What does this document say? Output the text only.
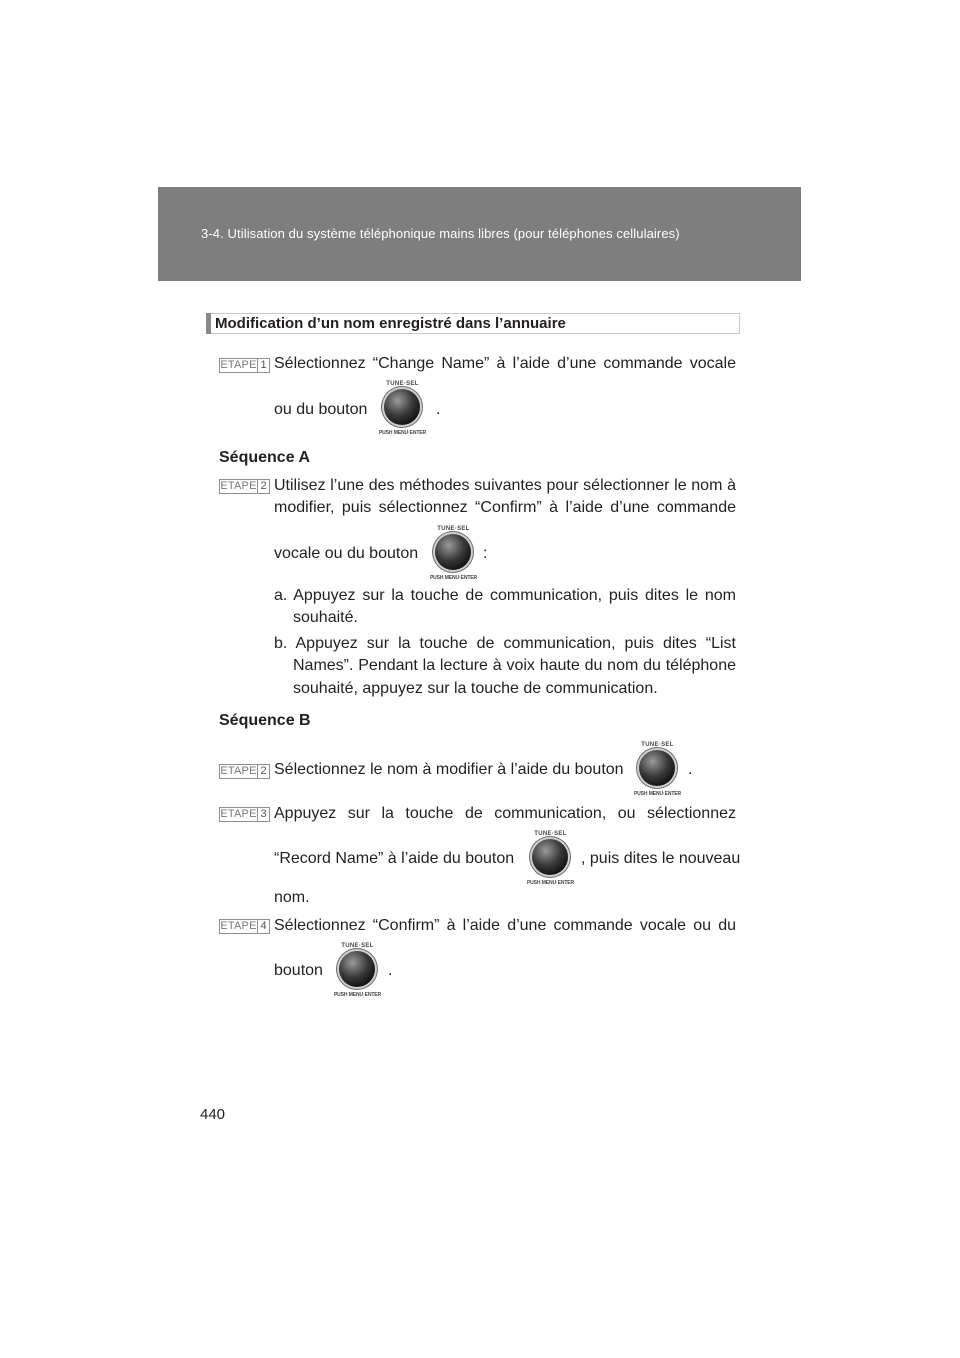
3-4. Utilisation du système téléphonique mains libres (pour téléphones cellulaires)
Modification d’un nom enregistré dans l’annuaire
ETAPE 1 Sélectionnez “Change Name” à l’aide d’une commande vocale
ou du bouton
TUNE·SEL
PUSH MENU·ENTER
.
Séquence A
ETAPE 2 Utilisez l’une des méthodes suivantes pour sélectionner le nom à
modifier, puis sélectionnez “Confirm” à l’aide d’une commande
vocale ou du bouton
TUNE·SEL
PUSH MENU·ENTER
:
a. Appuyez sur la touche de communication, puis dites le nom
souhaité.
b. Appuyez sur la touche de communication, puis dites “List
Names”. Pendant la lecture à voix haute du nom du téléphone
souhaité, appuyez sur la touche de communication.
Séquence B
ETAPE 2 Sélectionnez le nom à modifier à l’aide du bouton
TUNE·SEL
PUSH MENU·ENTER
.
ETAPE 3 Appuyez sur la touche de communication, ou sélectionnez
“Record Name” à l’aide du bouton
TUNE·SEL
PUSH MENU·ENTER
, puis dites le nouveau
nom.
ETAPE 4 Sélectionnez “Confirm” à l’aide d’une commande vocale ou du
bouton
TUNE·SEL
PUSH MENU·ENTER
.
440
